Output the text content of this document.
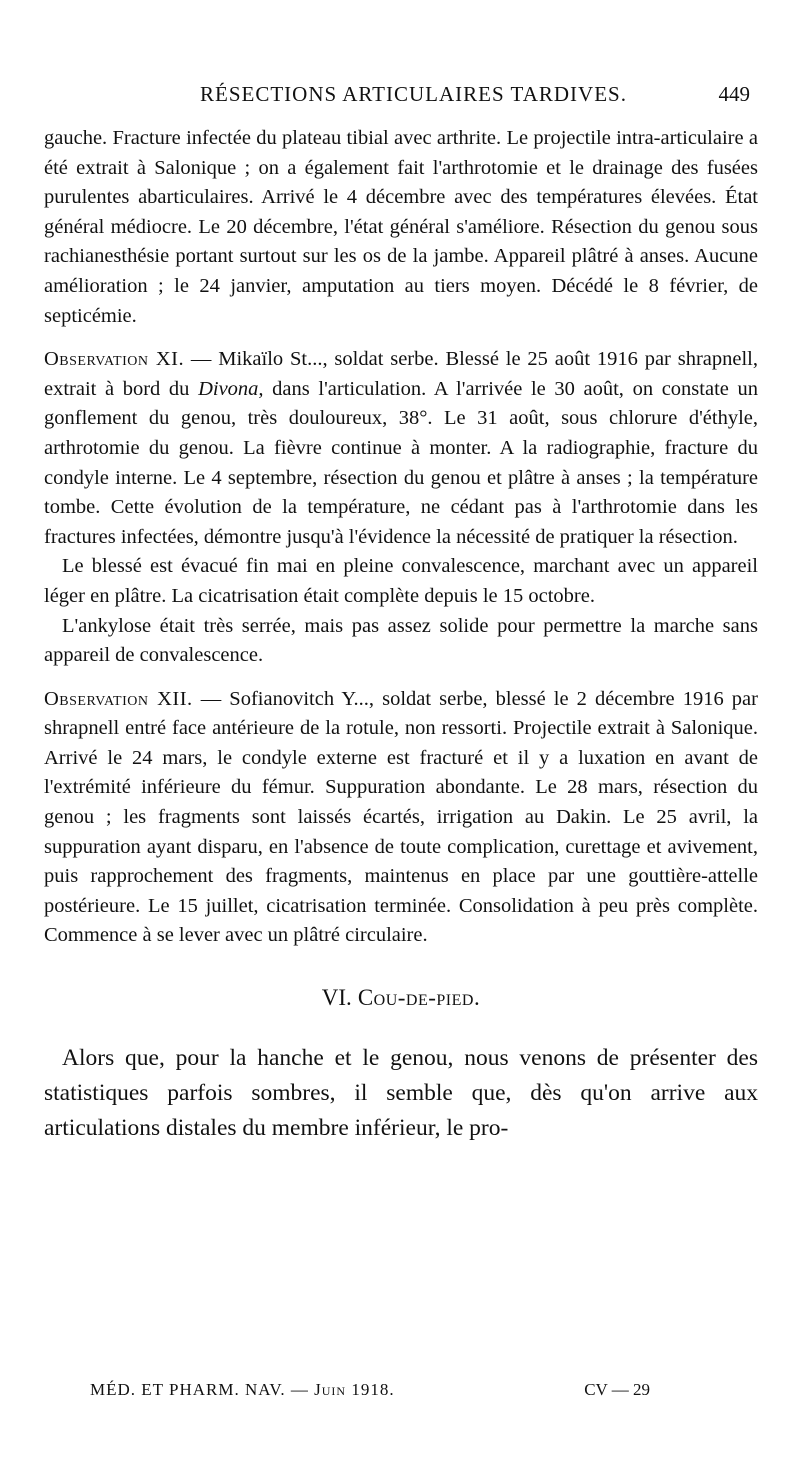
RÉSECTIONS ARTICULAIRES TARDIVES.	449

gauche. Fracture infectée du plateau tibial avec arthrite. Le projectile intra-articulaire a été extrait à Salonique ; on a également fait l'arthrotomie et le drainage des fusées purulentes abarticulaires. Arrivé le 4 décembre avec des températures élevées. État général médiocre. Le 20 décembre, l'état général s'améliore. Résection du genou sous rachianesthésie portant surtout sur les os de la jambe. Appareil plâtré à anses. Aucune amélioration ; le 24 janvier, amputation au tiers moyen. Décédé le 8 février, de septicémie.

Observation XI. — Mikaïlo St..., soldat serbe. Blessé le 25 août 1916 par shrapnell, extrait à bord du Divona, dans l'articulation. A l'arrivée le 30 août, on constate un gonflement du genou, très douloureux, 38°. Le 31 août, sous chlorure d'éthyle, arthrotomie du genou. La fièvre continue à monter. A la radiographie, fracture du condyle interne. Le 4 septembre, résection du genou et plâtre à anses ; la température tombe. Cette évolution de la température, ne cédant pas à l'arthrotomie dans les fractures infectées, démontre jusqu'à l'évidence la nécessité de pratiquer la résection.

Le blessé est évacué fin mai en pleine convalescence, marchant avec un appareil léger en plâtre. La cicatrisation était complète depuis le 15 octobre.

L'ankylose était très serrée, mais pas assez solide pour permettre la marche sans appareil de convalescence.

Observation XII. — Sofianovitch Y..., soldat serbe, blessé le 2 décembre 1916 par shrapnell entré face antérieure de la rotule, non ressorti. Projectile extrait à Salonique. Arrivé le 24 mars, le condyle externe est fracturé et il y a luxation en avant de l'extrémité inférieure du fémur. Suppuration abondante. Le 28 mars, résection du genou ; les fragments sont laissés écartés, irrigation au Dakin. Le 25 avril, la suppuration ayant disparu, en l'absence de toute complication, curettage et avivement, puis rapprochement des fragments, maintenus en place par une gouttière-attelle postérieure. Le 15 juillet, cicatrisation terminée. Consolidation à peu près complète. Commence à se lever avec un plâtré circulaire.

VI. Cou-de-pied.

Alors que, pour la hanche et le genou, nous venons de présenter des statistiques parfois sombres, il semble que, dès qu'on arrive aux articulations distales du membre inférieur, le pro-

MÉD. ET PHARM. NAV. — Juin 1918.	CV — 29
